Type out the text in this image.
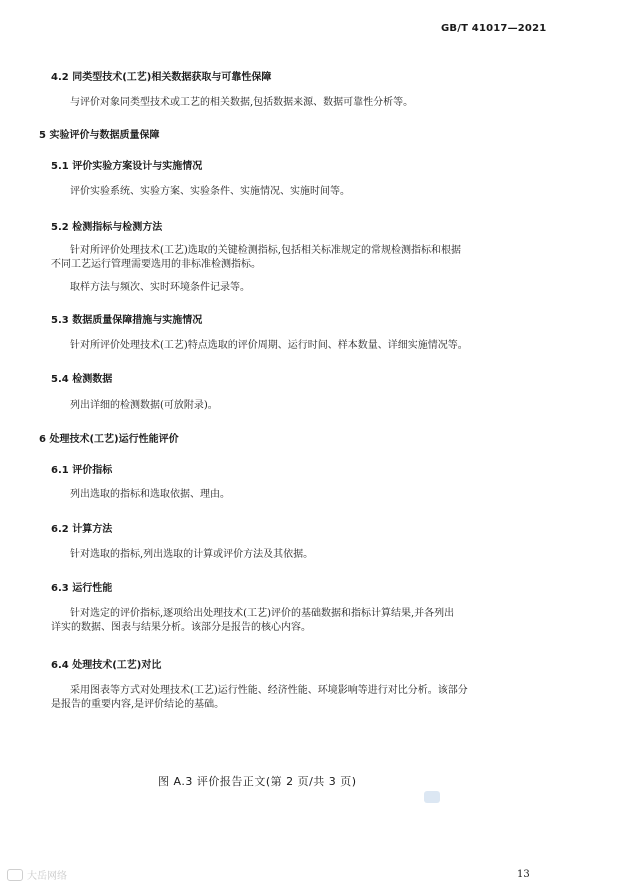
GB/T 41017—2021
4.2 同类型技术(工艺)相关数据获取与可靠性保障
与评价对象同类型技术或工艺的相关数据,包括数据来源、数据可靠性分析等。
5 实验评价与数据质量保障
5.1 评价实验方案设计与实施情况
评价实验系统、实验方案、实验条件、实施情况、实施时间等。
5.2 检测指标与检测方法
针对所评价处理技术(工艺)选取的关键检测指标,包括相关标准规定的常规检测指标和根据
不同工艺运行管理需要选用的非标准检测指标。
取样方法与频次、实时环境条件记录等。
5.3 数据质量保障措施与实施情况
针对所评价处理技术(工艺)特点选取的评价周期、运行时间、样本数量、详细实施情况等。
5.4 检测数据
列出详细的检测数据(可放附录)。
6 处理技术(工艺)运行性能评价
6.1 评价指标
列出选取的指标和选取依据、理由。
6.2 计算方法
针对选取的指标,列出选取的计算或评价方法及其依据。
6.3 运行性能
针对选定的评价指标,逐项给出处理技术(工艺)评价的基础数据和指标计算结果,并各列出
详实的数据、图表与结果分析。该部分是报告的核心内容。
6.4 处理技术(工艺)对比
采用图表等方式对处理技术(工艺)运行性能、经济性能、环境影响等进行对比分析。该部分
是报告的重要内容,是评价结论的基础。
图 A.3 评价报告正文(第 2 页/共 3 页)
13
大岳网络
